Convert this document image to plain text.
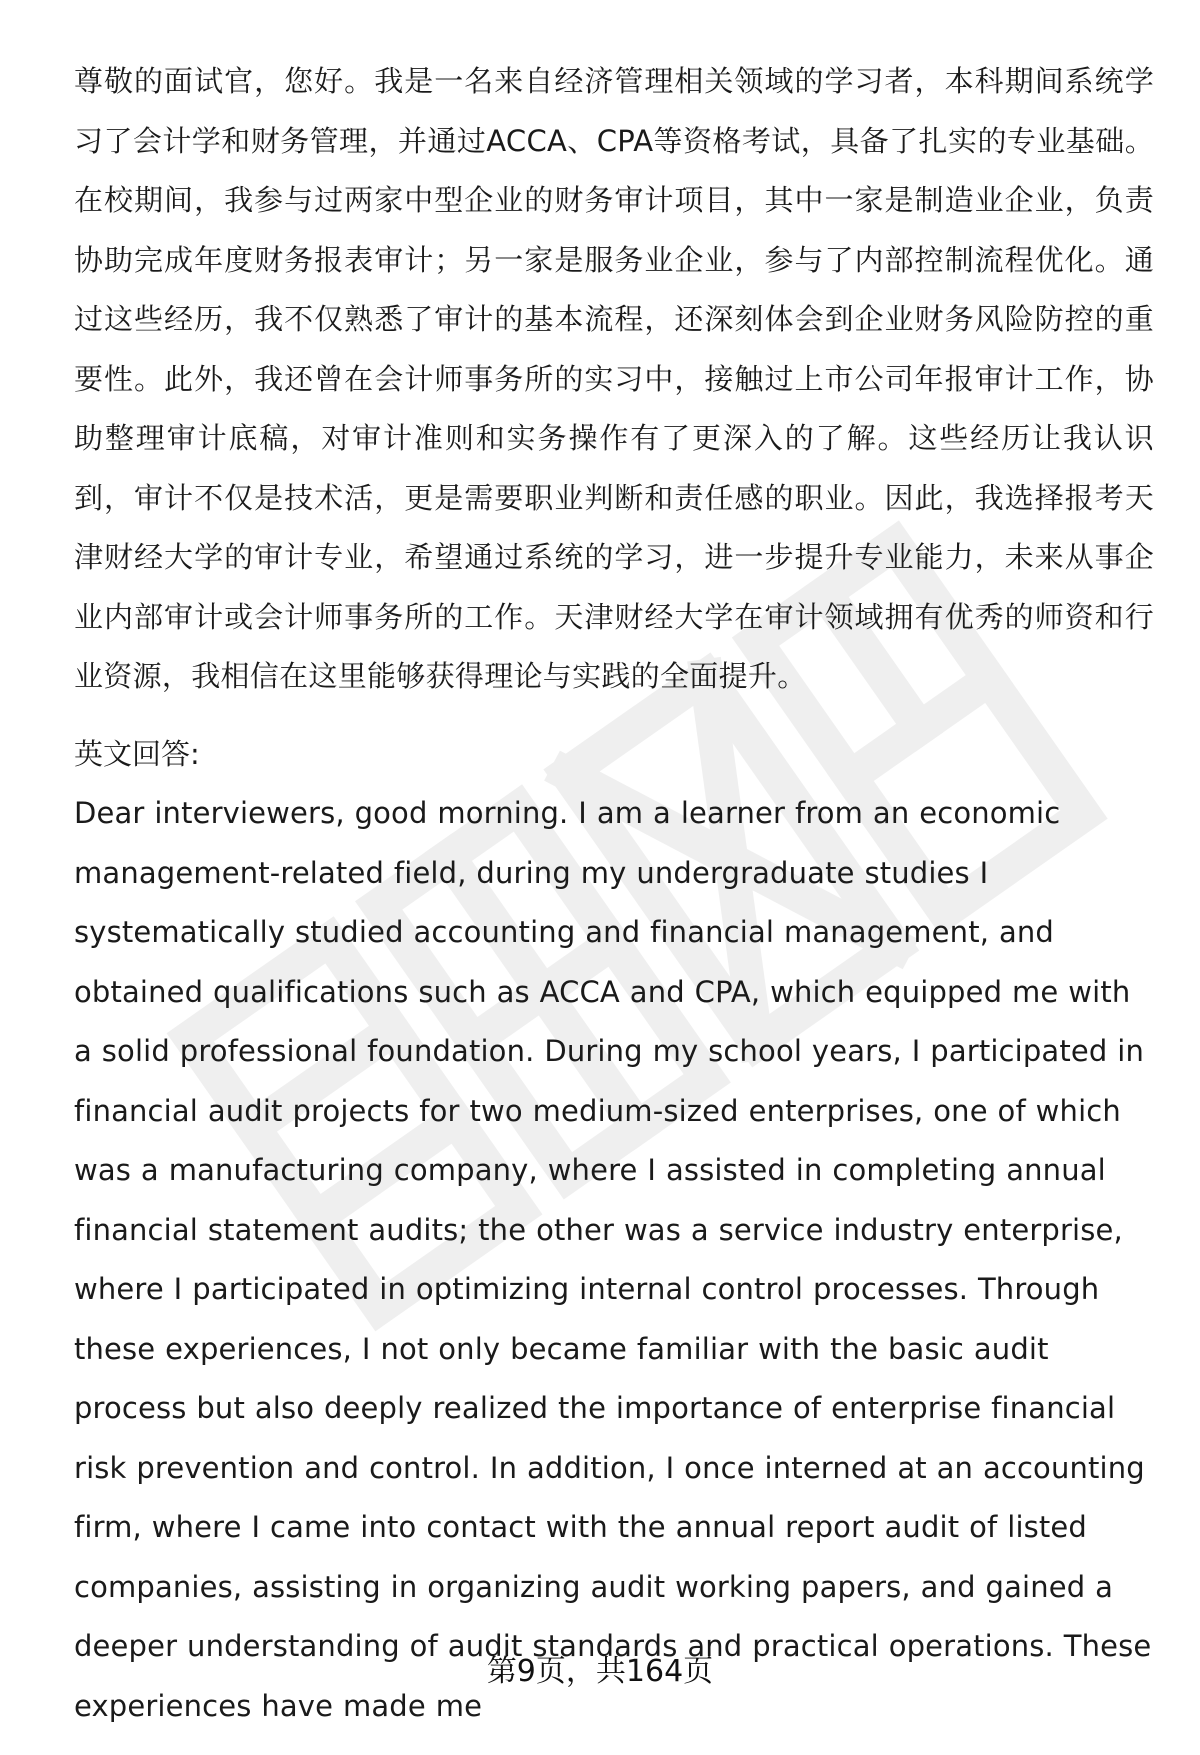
尊敬的面试官，您好。我是一名来自经济管理相关领域的学习者，本科期间系统学习了会计学和财务管理，并通过ACCA、CPA等资格考试，具备了扎实的专业基础。在校期间，我参与过两家中型企业的财务审计项目，其中一家是制造业企业，负责协助完成年度财务报表审计；另一家是服务业企业，参与了内部控制流程优化。通过这些经历，我不仅熟悉了审计的基本流程，还深刻体会到企业财务风险防控的重要性。此外，我还曾在会计师事务所的实习中，接触过上市公司年报审计工作，协助整理审计底稿，对审计准则和实务操作有了更深入的了解。这些经历让我认识到，审计不仅是技术活，更是需要职业判断和责任感的职业。因此，我选择报考天津财经大学的审计专业，希望通过系统的学习，进一步提升专业能力，未来从事企业内部审计或会计师事务所的工作。天津财经大学在审计领域拥有优秀的师资和行业资源，我相信在这里能够获得理论与实践的全面提升。

英文回答:

Dear interviewers, good morning. I am a learner from an economic management-related field, during my undergraduate studies I systematically studied accounting and financial management, and obtained qualifications such as ACCA and CPA, which equipped me with a solid professional foundation. During my school years, I participated in financial audit projects for two medium-sized enterprises, one of which was a manufacturing company, where I assisted in completing annual financial statement audits; the other was a service industry enterprise, where I participated in optimizing internal control processes. Through these experiences, I not only became familiar with the basic audit process but also deeply realized the importance of enterprise financial risk prevention and control. In addition, I once interned at an accounting firm, where I came into contact with the annual report audit of listed companies, assisting in organizing audit working papers, and gained a deeper understanding of audit standards and practical operations. These experiences have made me

第9页，共164页
